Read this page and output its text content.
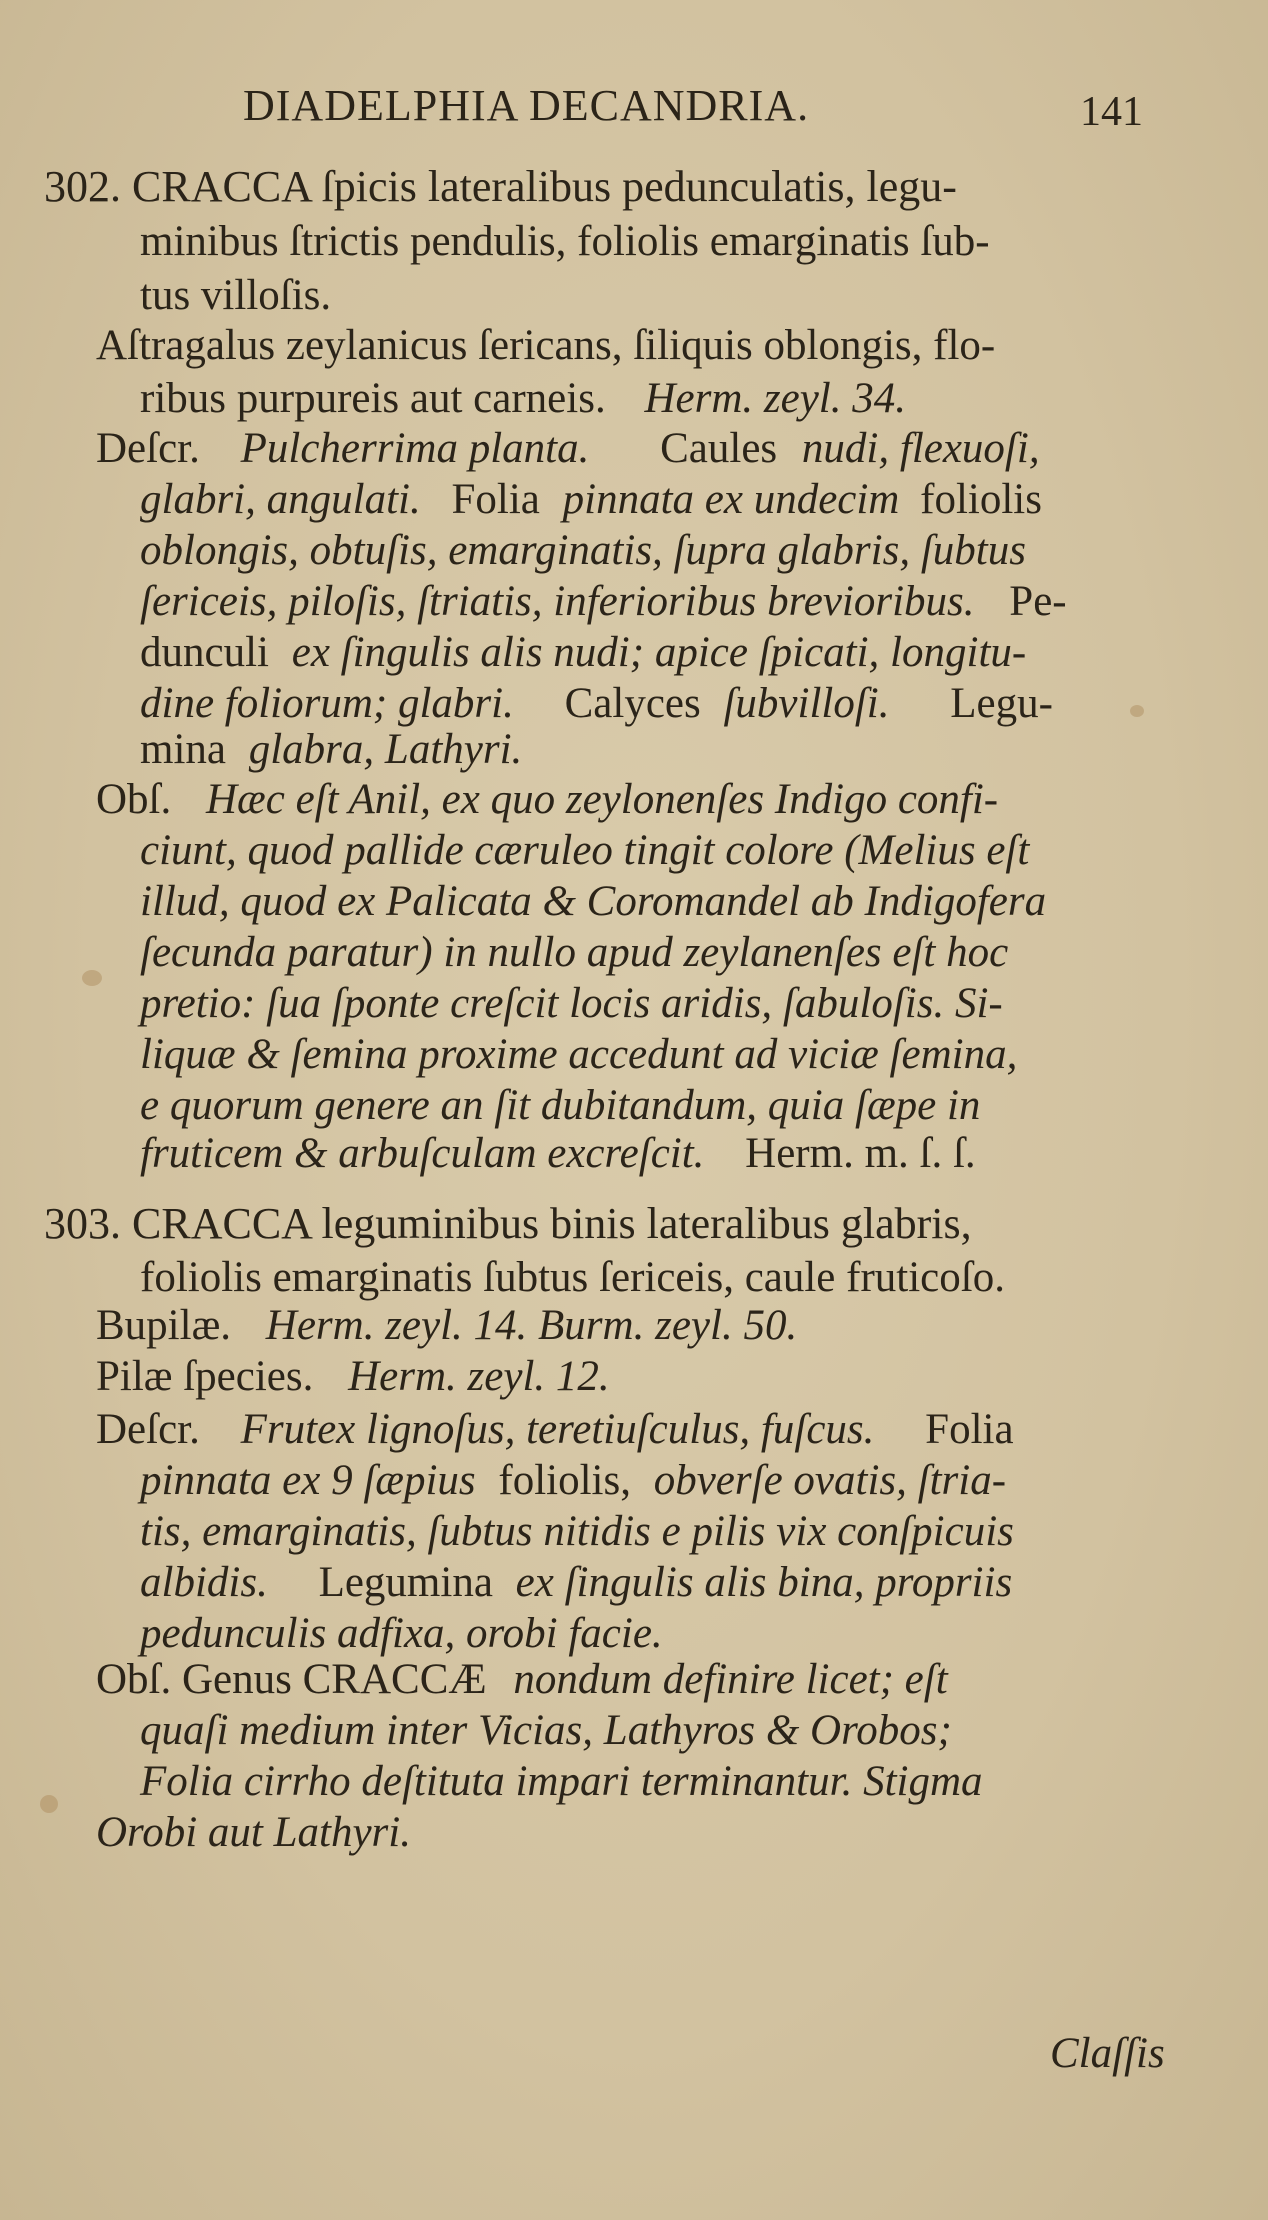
DIADELPHIA DECANDRIA.	141
302. CRACCA ſpicis lateralibus pedunculatis, legu-
minibus ſtrictis pendulis, foliolis emarginatis ſub-
tus villoſis.
Aſtragalus zeylanicus ſericans, ſiliquis oblongis, flo-
ribus purpureis aut carneis. Herm. zeyl. 34.
Deſcr. Pulcherrima planta. Caules nudi, flexuoſi,
glabri, angulati. Folia pinnata ex undecim foliolis
oblongis, obtuſis, emarginatis, ſupra glabris, ſubtus
ſericeis, piloſis, ſtriatis, inferioribus brevioribus. Pe-
dunculi ex ſingulis alis nudi; apice ſpicati, longitu-
dine foliorum; glabri. Calyces ſubvilloſi. Legu-
mina glabra, Lathyri.
Obſ. Hæc eſt Anil, ex quo zeylonenſes Indigo confi-
ciunt, quod pallide cæruleo tingit colore (Melius eſt
illud, quod ex Palicata & Coromandel ab Indigofera
ſecunda paratur) in nullo apud zeylanenſes eſt hoc
pretio: ſua ſponte creſcit locis aridis, ſabuloſis. Si-
liquæ & ſemina proxime accedunt ad viciæ ſemina,
e quorum genere an ſit dubitandum, quia ſæpe in
fruticem & arbuſculam excreſcit. Herm. m. ſ. ſ.
303. CRACCA leguminibus binis lateralibus glabris,
foliolis emarginatis ſubtus ſericeis, caule fruticoſo.
Bupilæ. Herm. zeyl. 14. Burm. zeyl. 50.
Pilæ ſpecies. Herm. zeyl. 12.
Deſcr. Frutex lignoſus, teretiuſculus, fuſcus. Folia
pinnata ex 9 ſæpius foliolis, obverſe ovatis, ſtria-
tis, emarginatis, ſubtus nitidis e pilis vix conſpicuis
albidis. Legumina ex ſingulis alis bina, propriis
pedunculis adfixa, orobi facie.
Obſ. Genus CRACCÆ nondum definire licet; eſt
quaſi medium inter Vicias, Lathyros & Orobos;
Folia cirrho deſtituta impari terminantur. Stigma
Orobi aut Lathyri.
Claſſis
